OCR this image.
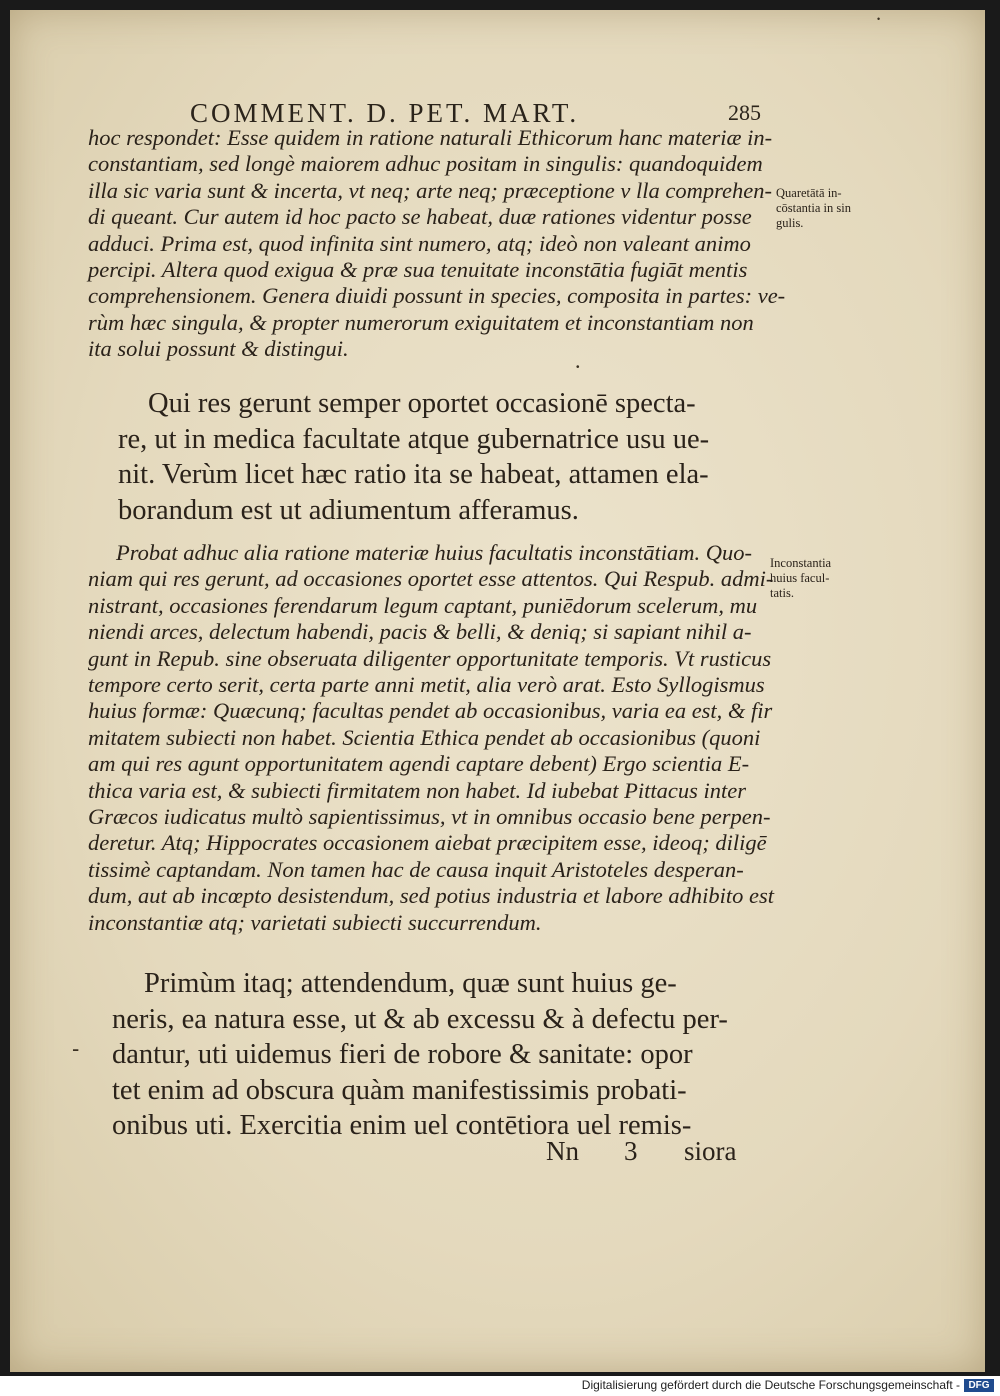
•
COMMENT. D. PET. MART.	285
hoc respondet: Esse quidem in ratione naturali Ethicorum hanc materiæ in-
constantiam, sed longè maiorem adhuc positam in singulis: quandoquidem
illa sic varia sunt & incerta, vt neq; arte neq; præceptione v lla comprehen-
di queant. Cur autem id hoc pacto se habeat, duæ rationes videntur posse
adduci. Prima est, quod infinita sint numero, atq; ideò non valeant animo
percipi. Altera quod exigua & præ sua tenuitate inconstātia fugiāt mentis
comprehensionem. Genera diuidi possunt in species, composita in partes: ve-
rùm hæc singula, & propter numerorum exiguitatem et inconstantiam non
ita solui possunt & distingui.
Quaretātā in-
cōstantia in sin
gulis.
•
Qui res gerunt semper oportet occasionē specta-
re, ut in medica facultate atque gubernatrice usu ue-
nit. Verùm licet hæc ratio ita se habeat, attamen ela-
borandum est ut adiumentum afferamus.
Probat adhuc alia ratione materiæ huius facultatis inconstātiam. Quo-
niam qui res gerunt, ad occasiones oportet esse attentos. Qui Respub. admi-
nistrant, occasiones ferendarum legum captant, puniēdorum scelerum, mu
niendi arces, delectum habendi, pacis & belli, & deniq; si sapiant nihil a-
gunt in Repub. sine obseruata diligenter opportunitate temporis. Vt rusticus
tempore certo serit, certa parte anni metit, alia verò arat. Esto Syllogismus
huius formæ: Quæcunq; facultas pendet ab occasionibus, varia ea est, & fir
mitatem subiecti non habet. Scientia Ethica pendet ab occasionibus (quoni
am qui res agunt opportunitatem agendi captare debent) Ergo scientia E-
thica varia est, & subiecti firmitatem non habet. Id iubebat Pittacus inter
Græcos iudicatus multò sapientissimus, vt in omnibus occasio bene perpen-
deretur. Atq; Hippocrates occasionem aiebat præcipitem esse, ideoq; diligē
tissimè captandam. Non tamen hac de causa inquit Aristoteles desperan-
dum, aut ab incœpto desistendum, sed potius industria et labore adhibito est
inconstantiæ atq; varietati subiecti succurrendum.
Inconstantia
huius facul-
tatis.
Primùm itaq; attendendum, quæ sunt huius ge-
neris, ea natura esse, ut & ab excessu & à defectu per-
dantur, uti uidemus fieri de robore & sanitate: opor
tet enim ad obscura quàm manifestissimis probati-
onibus uti. Exercitia enim uel contētiora uel remis-
-
Nn 3 siora
Digitalisierung gefördert durch die Deutsche Forschungsgemeinschaft - DFG
